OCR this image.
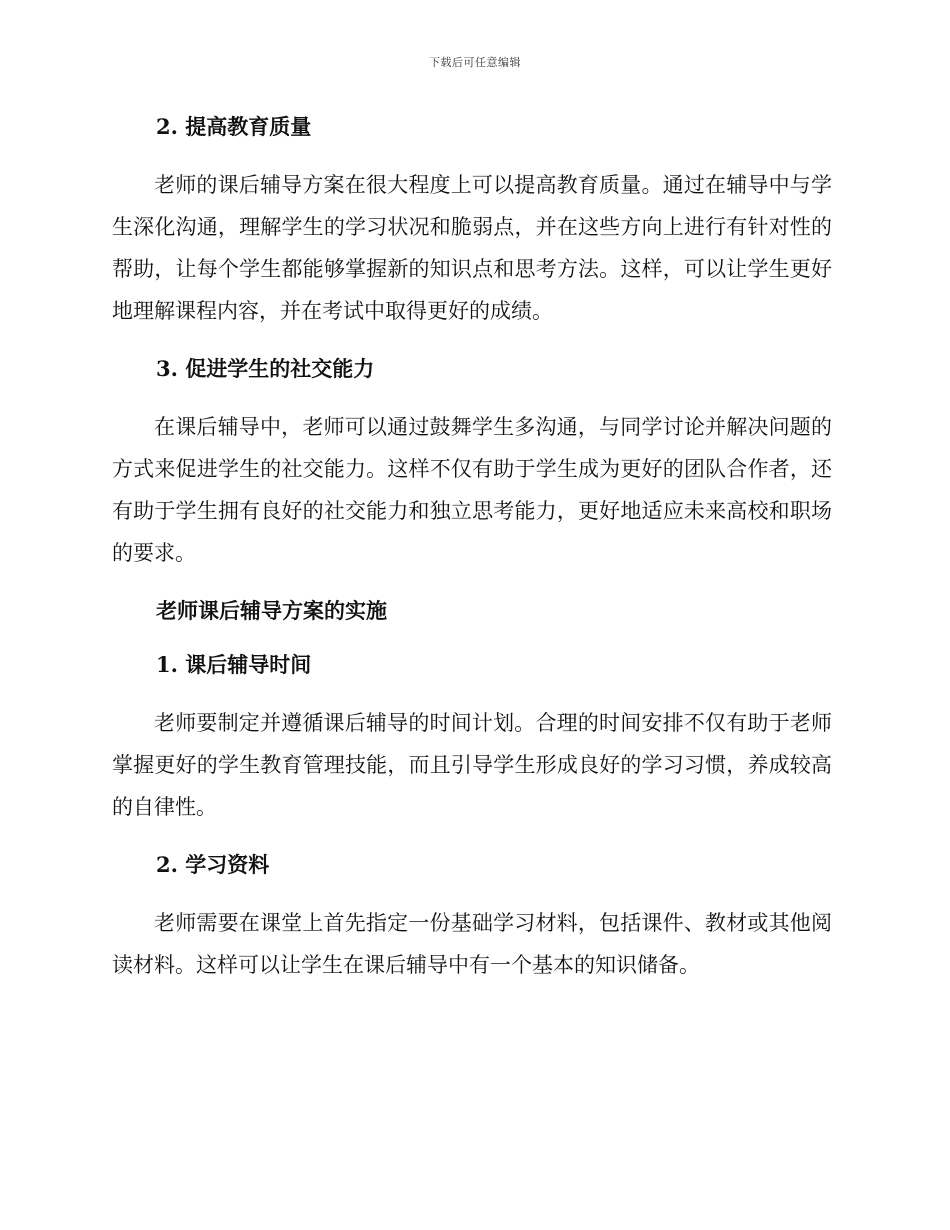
下载后可任意编辑
2. 提高教育质量

老师的课后辅导方案在很大程度上可以提高教育质量。通过在辅导中与学生深化沟通，理解学生的学习状况和脆弱点，并在这些方向上进行有针对性的帮助，让每个学生都能够掌握新的知识点和思考方法。这样，可以让学生更好地理解课程内容，并在考试中取得更好的成绩。

3. 促进学生的社交能力

在课后辅导中，老师可以通过鼓舞学生多沟通，与同学讨论并解决问题的方式来促进学生的社交能力。这样不仅有助于学生成为更好的团队合作者，还有助于学生拥有良好的社交能力和独立思考能力，更好地适应未来高校和职场的要求。

老师课后辅导方案的实施
1. 课后辅导时间

老师要制定并遵循课后辅导的时间计划。合理的时间安排不仅有助于老师掌握更好的学生教育管理技能，而且引导学生形成良好的学习习惯，养成较高的自律性。

2. 学习资料

老师需要在课堂上首先指定一份基础学习材料，包括课件、教材或其他阅读材料。这样可以让学生在课后辅导中有一个基本的知识储备。
